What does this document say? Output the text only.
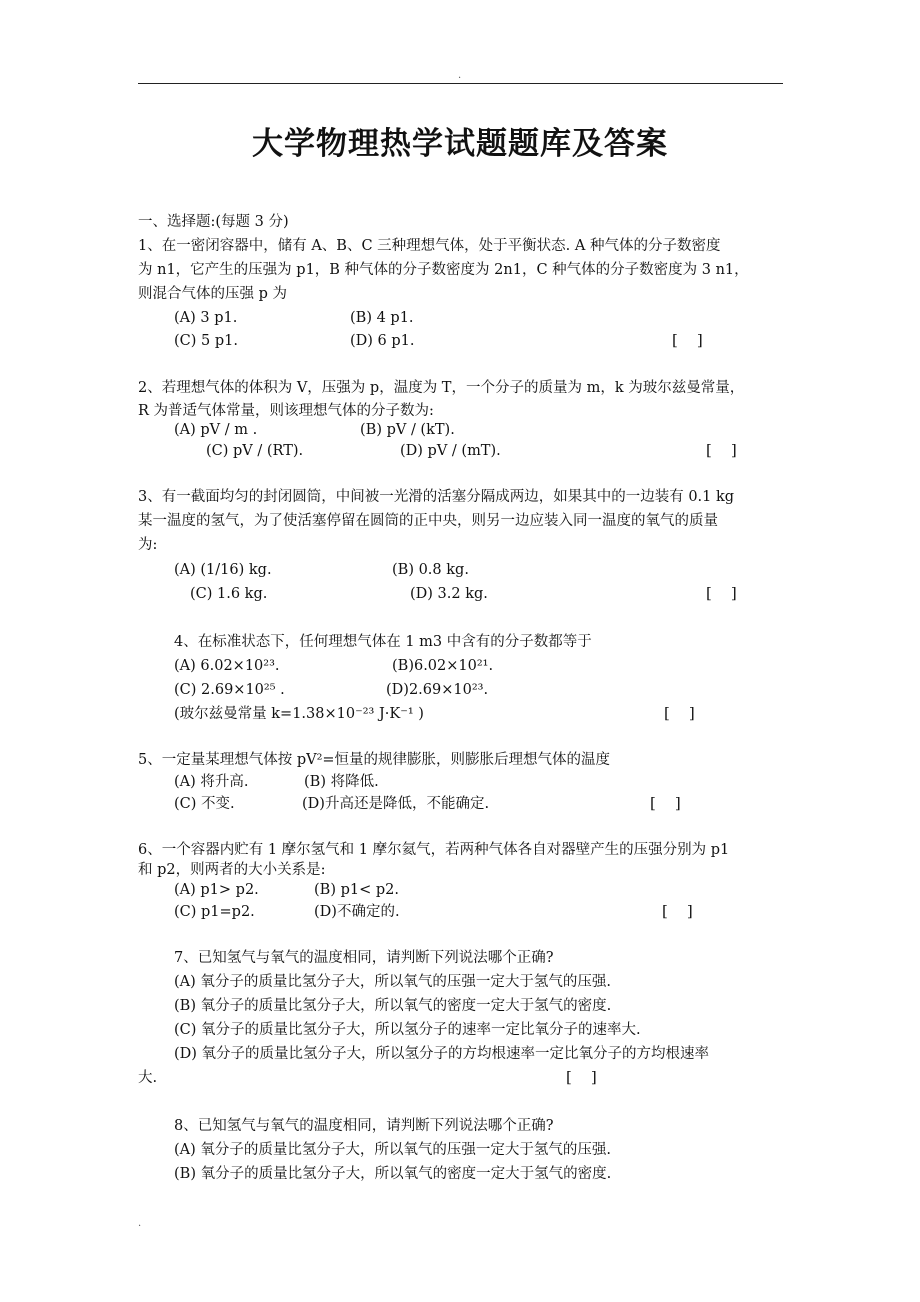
.
大学物理热学试题题库及答案
一、选择题:(每题 3 分)
1、在一密闭容器中，储有 A、B、C 三种理想气体，处于平衡状态. A 种气体的分子数密度
为 n1，它产生的压强为 p1，B 种气体的分子数密度为 2n1，C 种气体的分子数密度为 3 n1，
则混合气体的压强 p 为
(A) 3 p1.	(B) 4 p1.
(C) 5 p1.	(D) 6 p1.	[    ]
2、若理想气体的体积为 V，压强为 p，温度为 T，一个分子的质量为 m，k 为玻尔兹曼常量，
R 为普适气体常量，则该理想气体的分子数为:
(A) pV / m .	(B) pV / (kT).
(C) pV / (RT).	(D) pV / (mT).	[    ]
3、有一截面均匀的封闭圆筒，中间被一光滑的活塞分隔成两边，如果其中的一边装有 0.1 kg
某一温度的氢气，为了使活塞停留在圆筒的正中央，则另一边应装入同一温度的氧气的质量
为:
(A) (1/16) kg.	(B) 0.8 kg.
(C) 1.6 kg.	(D) 3.2 kg.	[    ]
4、在标准状态下，任何理想气体在 1 m3 中含有的分子数都等于
(A) 6.02×10²³.	(B)6.02×10²¹.
(C) 2.69×10²⁵ .	(D)2.69×10²³.
(玻尔兹曼常量 k=1.38×10⁻²³ J·K⁻¹ )	[    ]
5、一定量某理想气体按 pV²=恒量的规律膨胀，则膨胀后理想气体的温度
(A) 将升高.	(B) 将降低.
(C) 不变.	(D)升高还是降低，不能确定.	[    ]
6、一个容器内贮有 1 摩尔氢气和 1 摩尔氦气，若两种气体各自对器壁产生的压强分别为 p1
和 p2，则两者的大小关系是:
(A) p1> p2.	(B) p1< p2.
(C) p1=p2.	(D)不确定的.	[    ]
7、已知氢气与氧气的温度相同，请判断下列说法哪个正确?
(A) 氧分子的质量比氢分子大，所以氧气的压强一定大于氢气的压强.
(B) 氧分子的质量比氢分子大，所以氧气的密度一定大于氢气的密度.
(C) 氧分子的质量比氢分子大，所以氢分子的速率一定比氧分子的速率大.
(D) 氧分子的质量比氢分子大，所以氢分子的方均根速率一定比氧分子的方均根速率
大.	[    ]
8、已知氢气与氧气的温度相同，请判断下列说法哪个正确?
(A) 氧分子的质量比氢分子大，所以氧气的压强一定大于氢气的压强.
(B) 氧分子的质量比氢分子大，所以氧气的密度一定大于氢气的密度.
.
